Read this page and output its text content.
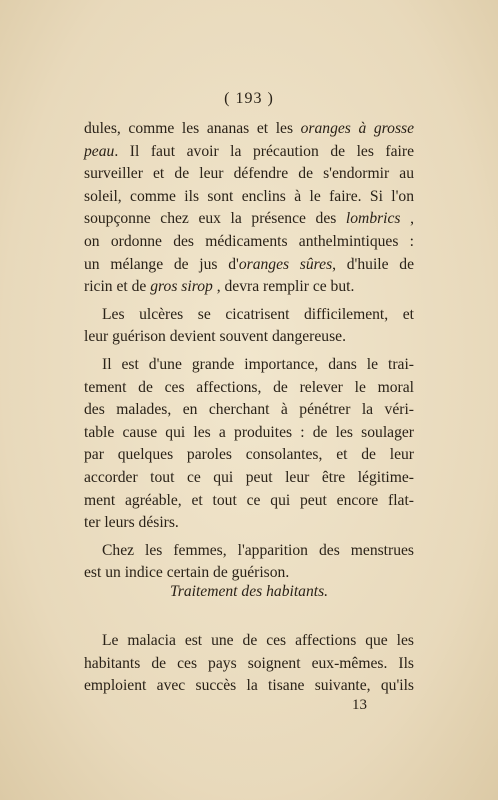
( 193 )
dules, comme les ananas et les oranges à grosse
peau. Il faut avoir la précaution de les faire
surveiller et de leur défendre de s'endormir au
soleil, comme ils sont enclins à le faire. Si l'on
soupçonne chez eux la présence des lombrics ,
on ordonne des médicaments anthelmintiques :
un mélange de jus d'oranges sûres, d'huile de
ricin et de gros sirop , devra remplir ce but.
Les ulcères se cicatrisent difficilement, et
leur guérison devient souvent dangereuse.
Il est d'une grande importance, dans le trai-
tement de ces affections, de relever le moral
des malades, en cherchant à pénétrer la véri-
table cause qui les a produites : de les soulager
par quelques paroles consolantes, et de leur
accorder tout ce qui peut leur être légitime-
ment agréable, et tout ce qui peut encore flat-
ter leurs désirs.
Chez les femmes, l'apparition des menstrues
est un indice certain de guérison.
Traitement des habitants.
Le malacia est une de ces affections que les
habitants de ces pays soignent eux-mêmes. Ils
emploient avec succès la tisane suivante, qu'ils
13
